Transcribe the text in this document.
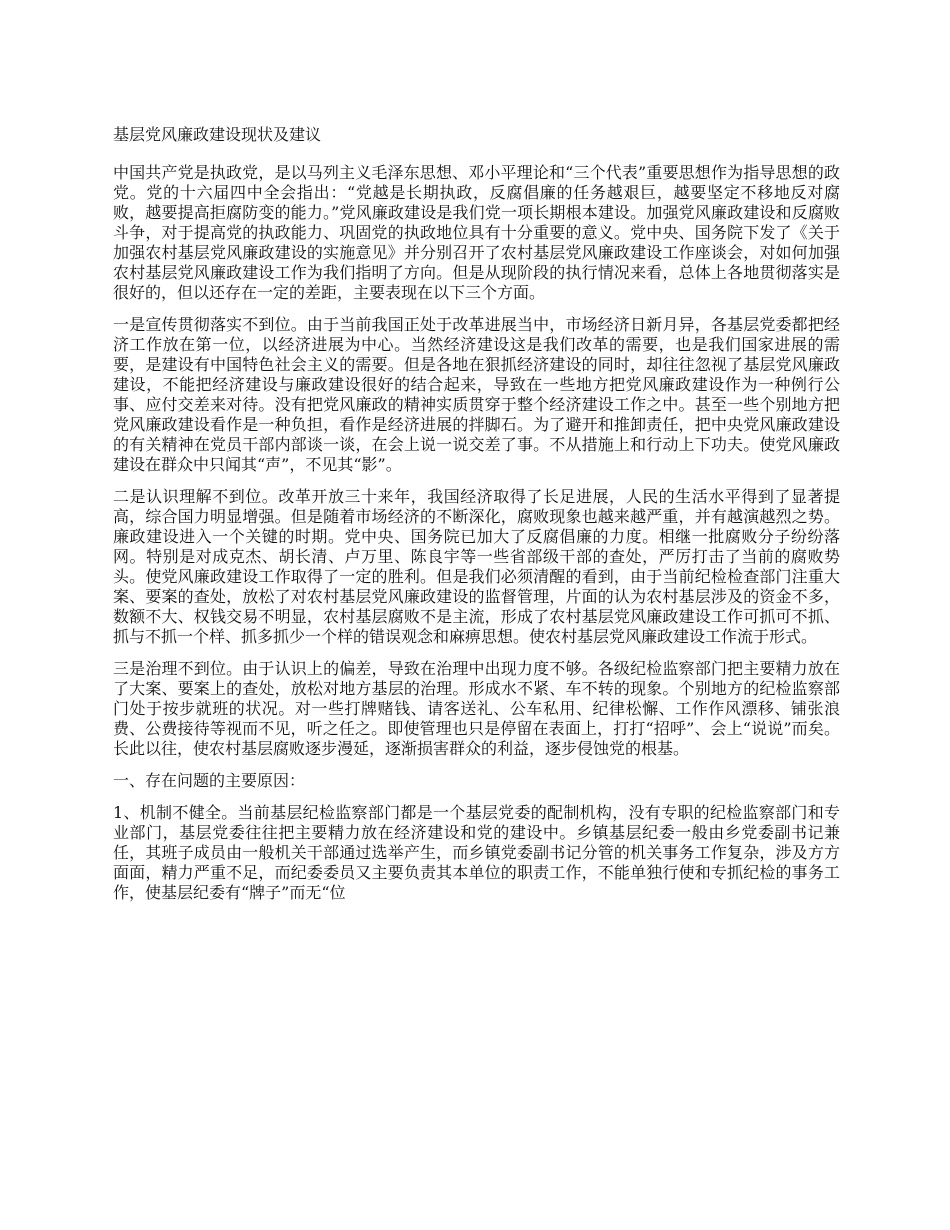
基层党风廉政建设现状及建议

中国共产党是执政党，是以马列主义毛泽东思想、邓小平理论和“三个代表”重要思想作为指导思想的政党。党的十六届四中全会指出：“党越是长期执政，反腐倡廉的任务越艰巨，越要坚定不移地反对腐败，越要提高拒腐防变的能力。”党风廉政建设是我们党一项长期根本建设。加强党风廉政建设和反腐败斗争，对于提高党的执政能力、巩固党的执政地位具有十分重要的意义。党中央、国务院下发了《关于加强农村基层党风廉政建设的实施意见》并分别召开了农村基层党风廉政建设工作座谈会，对如何加强农村基层党风廉政建设工作为我们指明了方向。但是从现阶段的执行情况来看，总体上各地贯彻落实是很好的，但以还存在一定的差距，主要表现在以下三个方面。

一是宣传贯彻落实不到位。由于当前我国正处于改革进展当中，市场经济日新月异，各基层党委都把经济工作放在第一位，以经济进展为中心。当然经济建设这是我们改革的需要，也是我们国家进展的需要，是建设有中国特色社会主义的需要。但是各地在狠抓经济建设的同时，却往往忽视了基层党风廉政建设，不能把经济建设与廉政建设很好的结合起来，导致在一些地方把党风廉政建设作为一种例行公事、应付交差来对待。没有把党风廉政的精神实质贯穿于整个经济建设工作之中。甚至一些个别地方把党风廉政建设看作是一种负担，看作是经济进展的拌脚石。为了避开和推卸责任，把中央党风廉政建设的有关精神在党员干部内部谈一谈，在会上说一说交差了事。不从措施上和行动上下功夫。使党风廉政建设在群众中只闻其“声”，不见其“影”。

二是认识理解不到位。改革开放三十来年，我国经济取得了长足进展，人民的生活水平得到了显著提高，综合国力明显增强。但是随着市场经济的不断深化，腐败现象也越来越严重，并有越演越烈之势。廉政建设进入一个关键的时期。党中央、国务院已加大了反腐倡廉的力度。相继一批腐败分子纷纷落网。特别是对成克杰、胡长清、卢万里、陈良宇等一些省部级干部的查处，严厉打击了当前的腐败势头。使党风廉政建设工作取得了一定的胜利。但是我们必须清醒的看到，由于当前纪检检查部门注重大案、要案的查处，放松了对农村基层党风廉政建设的监督管理，片面的认为农村基层涉及的资金不多，数额不大、权钱交易不明显，农村基层腐败不是主流，形成了农村基层党风廉政建设工作可抓可不抓、抓与不抓一个样、抓多抓少一个样的错误观念和麻痹思想。使农村基层党风廉政建设工作流于形式。

三是治理不到位。由于认识上的偏差，导致在治理中出现力度不够。各级纪检监察部门把主要精力放在了大案、要案上的查处，放松对地方基层的治理。形成水不紧、车不转的现象。个别地方的纪检监察部门处于按步就班的状况。对一些打牌赌钱、请客送礼、公车私用、纪律松懈、工作作风漂移、铺张浪费、公费接待等视而不见，听之任之。即使管理也只是停留在表面上，打打“招呼”、会上“说说”而矣。长此以往，使农村基层腐败逐步漫延，逐渐损害群众的利益，逐步侵蚀党的根基。

一、存在问题的主要原因：

1、机制不健全。当前基层纪检监察部门都是一个基层党委的配制机构，没有专职的纪检监察部门和专业部门，基层党委往往把主要精力放在经济建设和党的建设中。乡镇基层纪委一般由乡党委副书记兼任，其班子成员由一般机关干部通过选举产生，而乡镇党委副书记分管的机关事务工作复杂，涉及方方面面，精力严重不足，而纪委委员又主要负责其本单位的职责工作，不能单独行使和专抓纪检的事务工作，使基层纪委有“牌子”而无“位
